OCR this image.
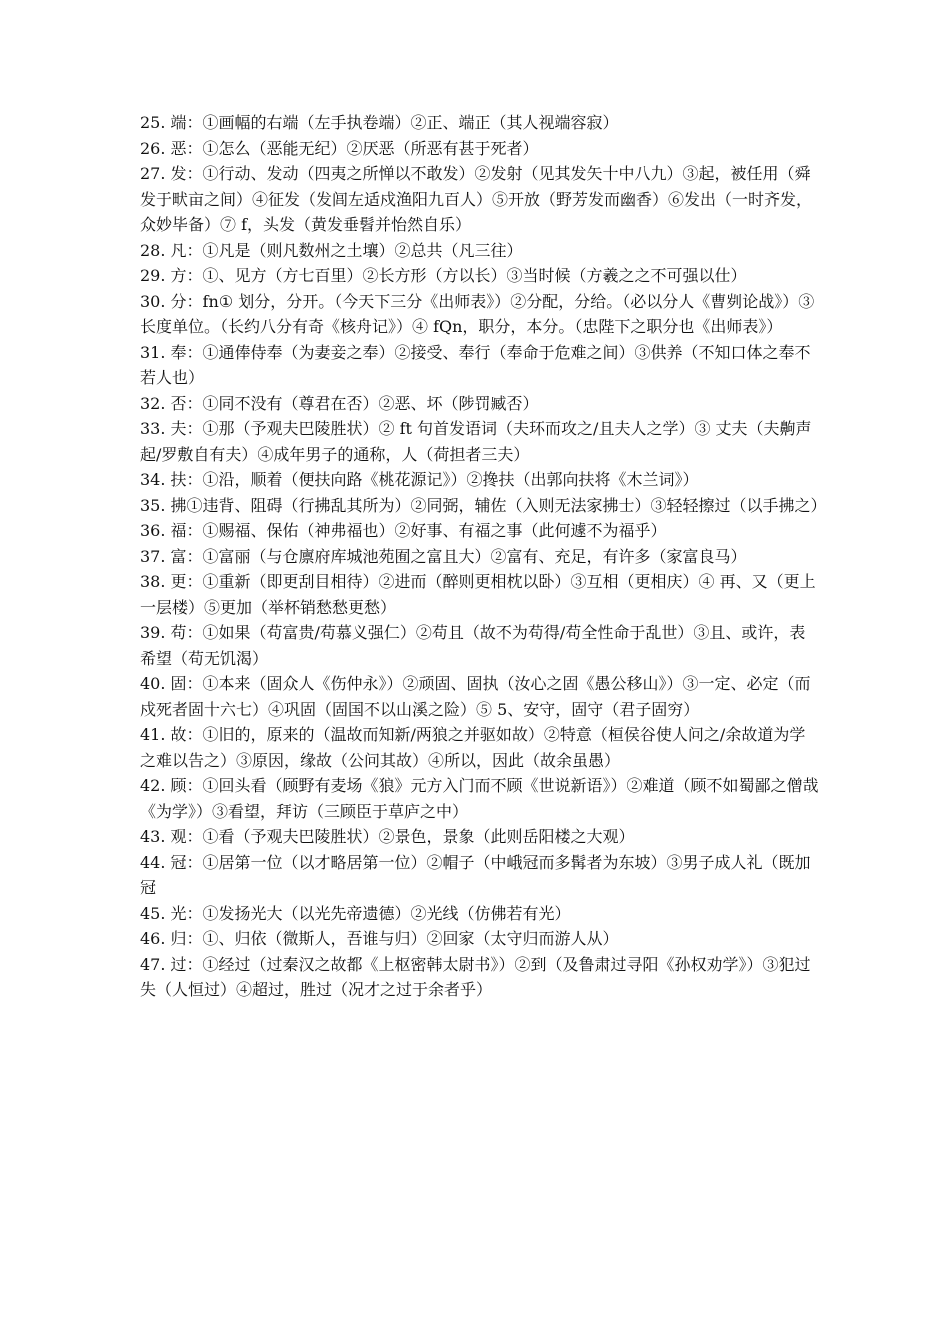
25. 端：①画幅的右端（左手执卷端）②正、端正（其人视端容寂）

26. 恶：①怎么（恶能无纪）②厌恶（所恶有甚于死者）

27. 发：①行动、发动（四夷之所惮以不敢发）②发射（见其发矢十中八九）③起，被任用（舜发于畎亩之间）④征发（发闾左适戍渔阳九百人）⑤开放（野芳发而幽香）⑥发出（一时齐发，众妙毕备）⑦ f，头发（黄发垂髫并怡然自乐）

28. 凡：①凡是（则凡数州之土壤）②总共（凡三往）

29. 方：①、见方（方七百里）②长方形（方以长）③当时候（方羲之之不可强以仕）

30. 分：fn① 划分，分开。（今天下三分《出师表》）②分配，分给。（必以分人《曹刿论战》）③长度单位。（长约八分有奇《核舟记》）④ fQn，职分，本分。（忠陛下之职分也《出师表》）

31. 奉：①通俸侍奉（为妻妾之奉）②接受、奉行（奉命于危难之间）③供养（不知口体之奉不若人也）

32. 否：①同不没有（尊君在否）②恶、坏（陟罚臧否）

33. 夫：①那（予观夫巴陵胜状）② ft 句首发语词（夫环而攻之/且夫人之学）③ 丈夫（夫齁声起/罗敷自有夫）④成年男子的通称，人（荷担者三夫）

34. 扶：①沿，顺着（便扶向路《桃花源记》）②搀扶（出郭向扶将《木兰词》）

35. 拂①违背、阻碍（行拂乱其所为）②同弼，辅佐（入则无法家拂士）③轻轻擦过（以手拂之）

36. 福：①赐福、保佑（神弗福也）②好事、有福之事（此何遽不为福乎）

37. 富：①富丽（与仓廪府库城池苑囿之富且大）②富有、充足，有许多（家富良马）

38. 更：①重新（即更刮目相待）②进而（醉则更相枕以卧）③互相（更相庆）④ 再、又（更上一层楼）⑤更加（举杯销愁愁更愁）

39. 苟：①如果（苟富贵/苟慕义强仁）②苟且（故不为苟得/苟全性命于乱世）③且、或许，表希望（苟无饥渴）

40. 固：①本来（固众人《伤仲永》）②顽固、固执（汝心之固《愚公移山》）③一定、必定（而戍死者固十六七）④巩固（固国不以山溪之险）⑤ 5、安守，固守（君子固穷）

41. 故：①旧的，原来的（温故而知新/两狼之并驱如故）②特意（桓侯谷使人问之/余故道为学之难以告之）③原因，缘故（公问其故）④所以，因此（故余虽愚）

42. 顾：①回头看（顾野有麦场《狼》元方入门而不顾《世说新语》）②难道（顾不如蜀鄙之僧哉《为学》）③看望，拜访（三顾臣于草庐之中）

43. 观：①看（予观夫巴陵胜状）②景色，景象（此则岳阳楼之大观）

44. 冠：①居第一位（以才略居第一位）②帽子（中峨冠而多髯者为东坡）③男子成人礼（既加冠

45. 光：①发扬光大（以光先帝遗德）②光线（仿佛若有光）

46. 归：①、归依（微斯人，吾谁与归）②回家（太守归而游人从）

47. 过：①经过（过秦汉之故都《上枢密韩太尉书》）②到（及鲁肃过寻阳《孙权劝学》）③犯过失（人恒过）④超过，胜过（况才之过于余者乎）
